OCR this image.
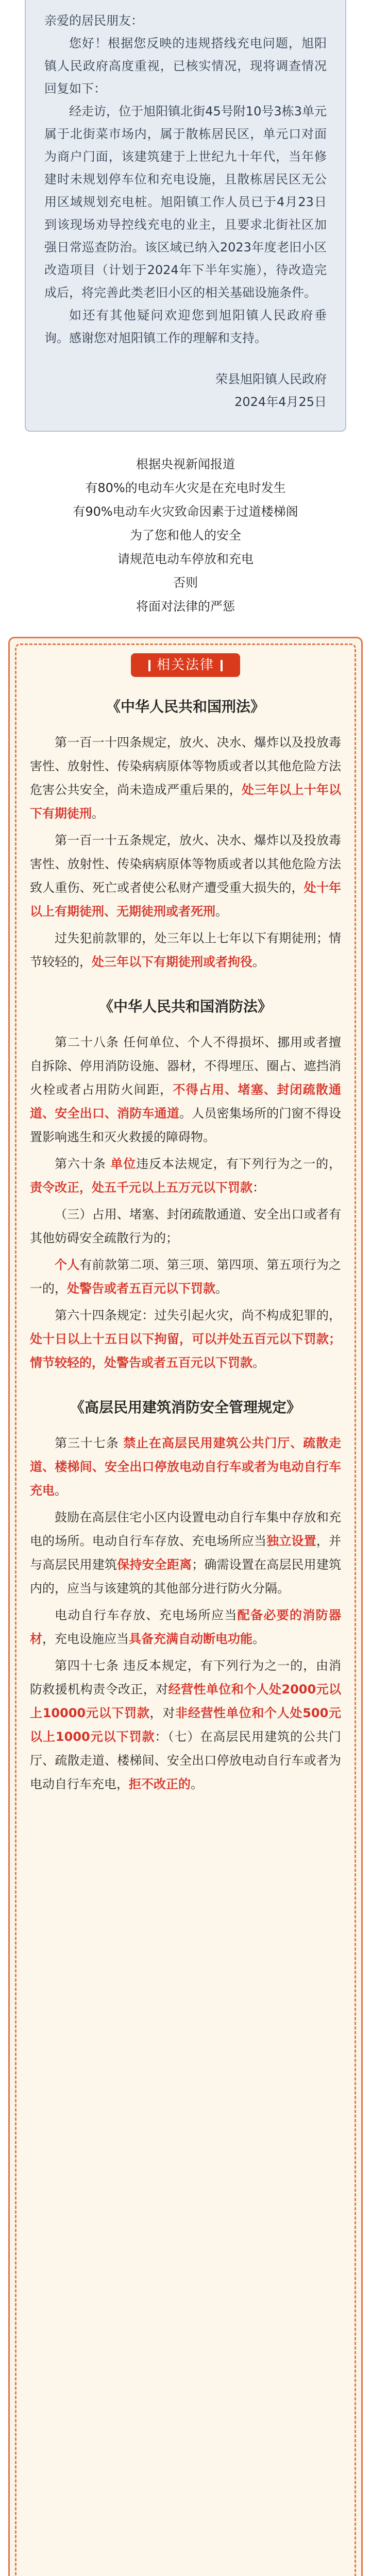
亲爱的居民朋友：

您好！根据您反映的违规搭线充电问题，旭阳镇人民政府高度重视，已核实情况，现将调查情况回复如下：

经走访，位于旭阳镇北街45号附10号3栋3单元属于北街菜市场内，属于散栋居民区，单元口对面为商户门面，该建筑建于上世纪九十年代，当年修建时未规划停车位和充电设施，且散栋居民区无公用区域规划充电桩。旭阳镇工作人员已于4月23日到该现场劝导控线充电的业主，且要求北街社区加强日常巡查防治。该区域已纳入2023年度老旧小区改造项目（计划于2024年下半年实施），待改造完成后，将完善此类老旧小区的相关基础设施条件。

如还有其他疑问欢迎您到旭阳镇人民政府垂询。感谢您对旭阳镇工作的理解和支持。

荣县旭阳镇人民政府

2024年4月25日

根据央视新闻报道

有80%的电动车火灾是在充电时发生

有90%电动车火灾致命因素于过道楼梯阁

为了您和他人的安全

请规范电动车停放和充电

否则

将面对法律的严惩

相关法律
《中华人民共和国刑法》

第一百一十四条规定，放火、决水、爆炸以及投放毒害性、放射性、传染病病原体等物质或者以其他危险方法危害公共安全，尚未造成严重后果的，处三年以上十年以下有期徒刑。

第一百一十五条规定，放火、决水、爆炸以及投放毒害性、放射性、传染病病原体等物质或者以其他危险方法致人重伤、死亡或者使公私财产遭受重大损失的，处十年以上有期徒刑、无期徒刑或者死刑。

过失犯前款罪的，处三年以上七年以下有期徒刑；情节较轻的，处三年以下有期徒刑或者拘役。

《中华人民共和国消防法》

第二十八条 任何单位、个人不得损坏、挪用或者擅自拆除、停用消防设施、器材，不得埋压、圈占、遮挡消火栓或者占用防火间距，不得占用、堵塞、封闭疏散通道、安全出口、消防车通道。人员密集场所的门窗不得设置影响逃生和灭火救援的障碍物。

第六十条 单位违反本法规定，有下列行为之一的，责令改正，处五千元以上五万元以下罚款：

（三）占用、堵塞、封闭疏散通道、安全出口或者有其他妨碍安全疏散行为的；

个人有前款第二项、第三项、第四项、第五项行为之一的，处警告或者五百元以下罚款。

第六十四条规定：过失引起火灾，尚不构成犯罪的，处十日以上十五日以下拘留，可以并处五百元以下罚款；情节较轻的，处警告或者五百元以下罚款。

《高层民用建筑消防安全管理规定》

第三十七条 禁止在高层民用建筑公共门厅、疏散走道、楼梯间、安全出口停放电动自行车或者为电动自行车充电。

鼓励在高层住宅小区内设置电动自行车集中存放和充电的场所。电动自行车存放、充电场所应当独立设置，并与高层民用建筑保持安全距离；确需设置在高层民用建筑内的，应当与该建筑的其他部分进行防火分隔。

电动自行车存放、充电场所应当配备必要的消防器材，充电设施应当具备充满自动断电功能。

第四十七条 违反本规定，有下列行为之一的，由消防救援机构责令改正，对经营性单位和个人处2000元以上10000元以下罚款，对非经营性单位和个人处500元以上1000元以下罚款：（七）在高层民用建筑的公共门厅、疏散走道、楼梯间、安全出口停放电动自行车或者为电动自行车充电，拒不改正的。
